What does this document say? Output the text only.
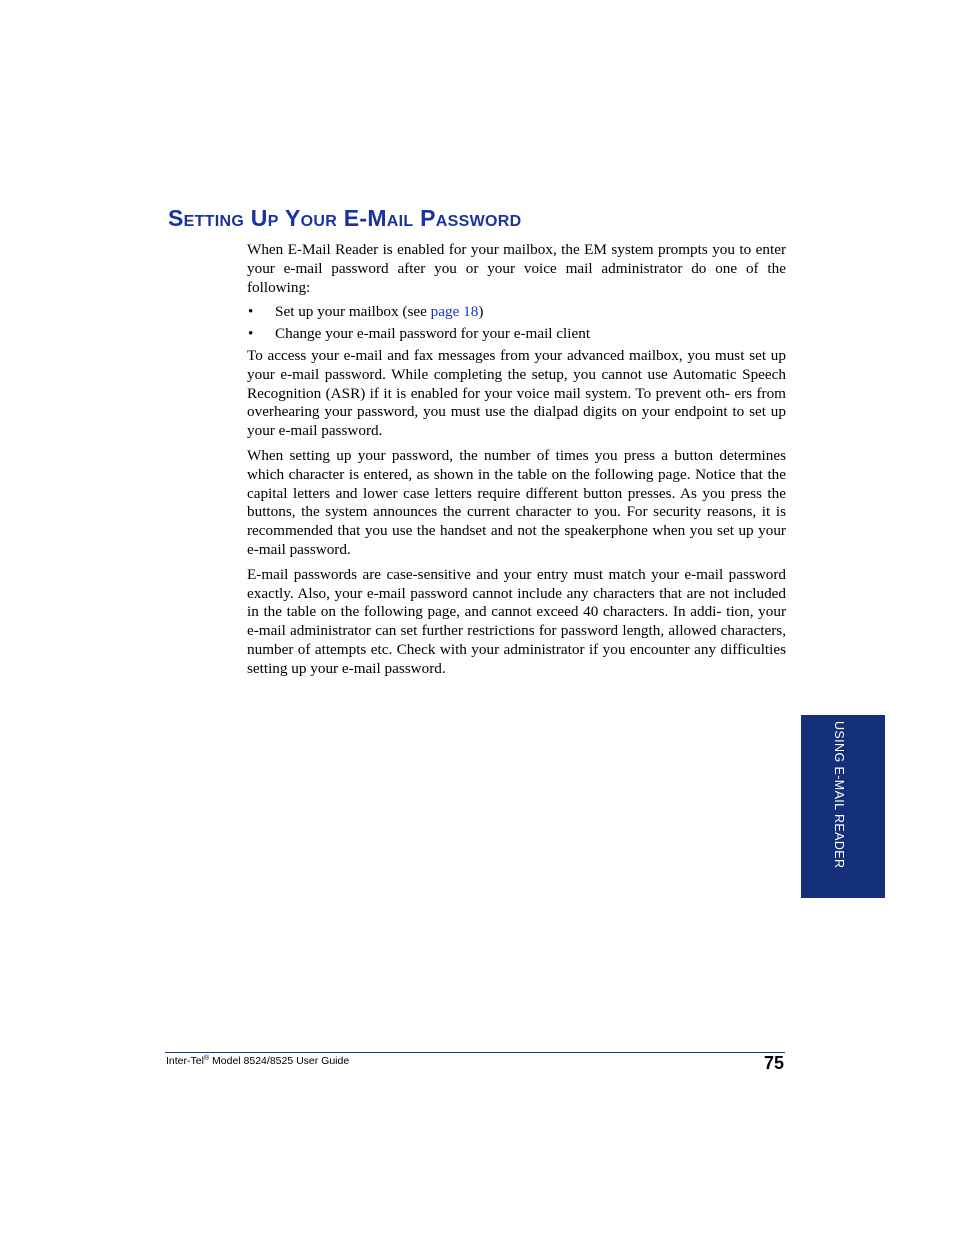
Setting Up Your E-Mail Password

When E-Mail Reader is enabled for your mailbox, the EM system prompts you to enter your e-mail password after you or your voice mail administrator do one of the following:

• Set up your mailbox (see page 18)
• Change your e-mail password for your e-mail client

To access your e-mail and fax messages from your advanced mailbox, you must set up your e-mail password. While completing the setup, you cannot use Automatic Speech Recognition (ASR) if it is enabled for your voice mail system. To prevent oth- ers from overhearing your password, you must use the dialpad digits on your endpoint to set up your e-mail password.

When setting up your password, the number of times you press a button determines which character is entered, as shown in the table on the following page. Notice that the capital letters and lower case letters require different button presses. As you press the buttons, the system announces the current character to you. For security reasons, it is recommended that you use the handset and not the speakerphone when you set up your e-mail password.

E-mail passwords are case-sensitive and your entry must match your e-mail password exactly. Also, your e-mail password cannot include any characters that are not included in the table on the following page, and cannot exceed 40 characters. In addi- tion, your e-mail administrator can set further restrictions for password length, allowed characters, number of attempts etc. Check with your administrator if you encounter any difficulties setting up your e-mail password.

USING E-MAIL READER
Inter-Tel® Model 8524/8525 User Guide	75
